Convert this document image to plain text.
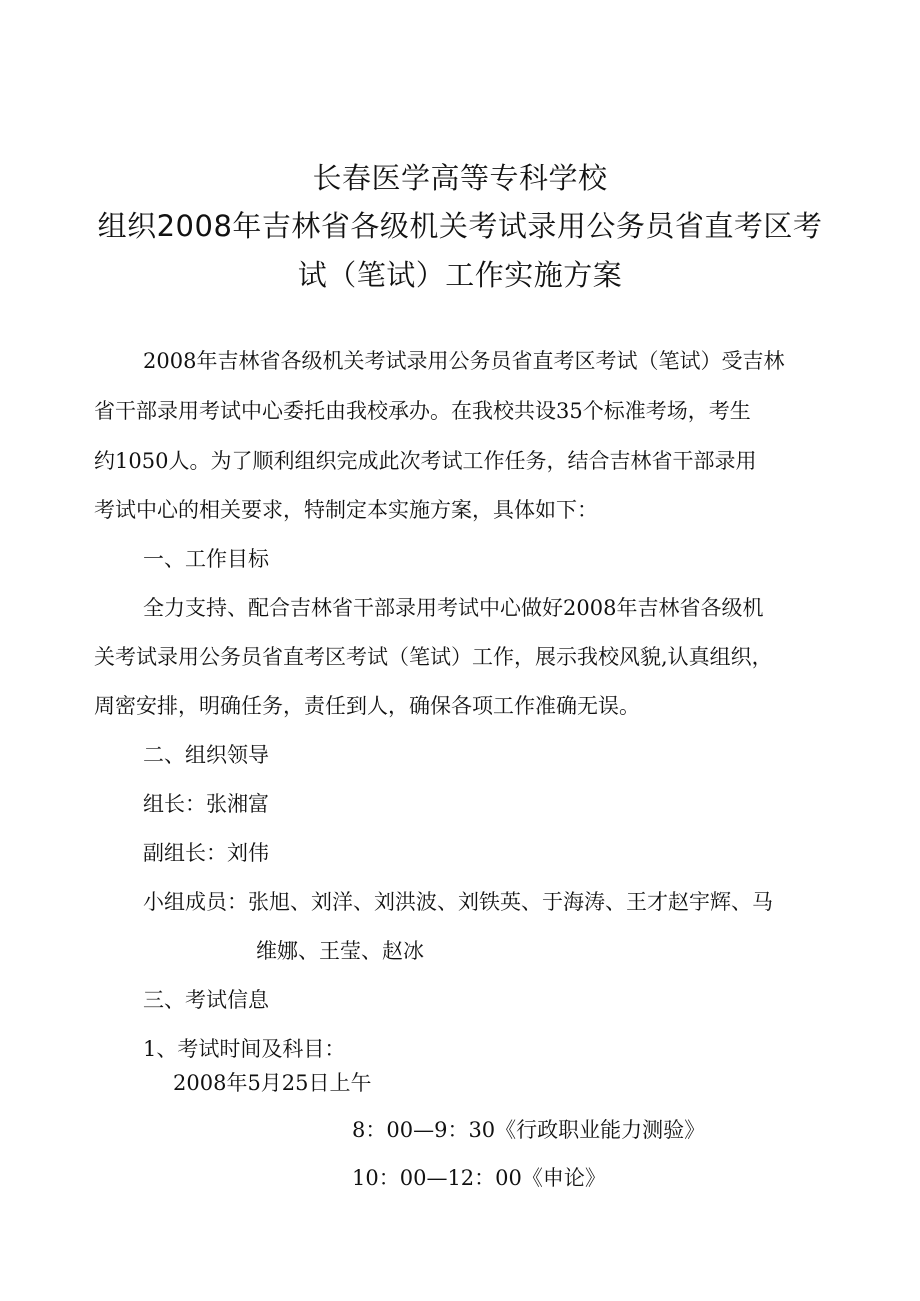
长春医学高等专科学校
组织2008年吉林省各级机关考试录用公务员省直考区考
试（笔试）工作实施方案
2008年吉林省各级机关考试录用公务员省直考区考试（笔试）受吉林
省干部录用考试中心委托由我校承办。在我校共设35个标准考场，考生
约1050人。为了顺利组织完成此次考试工作任务，结合吉林省干部录用
考试中心的相关要求，特制定本实施方案，具体如下：
一、工作目标
全力支持、配合吉林省干部录用考试中心做好2008年吉林省各级机
关考试录用公务员省直考区考试（笔试）工作，展示我校风貌,认真组织，
周密安排，明确任务，责任到人，确保各项工作准确无误。
二、组织领导
组长：张湘富
副组长：刘伟
小组成员：张旭、刘洋、刘洪波、刘铁英、于海涛、王才赵宇辉、马
维娜、王莹、赵冰
三、考试信息
1、考试时间及科目：
2008年5月25日上午
8：00—9：30《行政职业能力测验》
10：00—12：00《申论》
